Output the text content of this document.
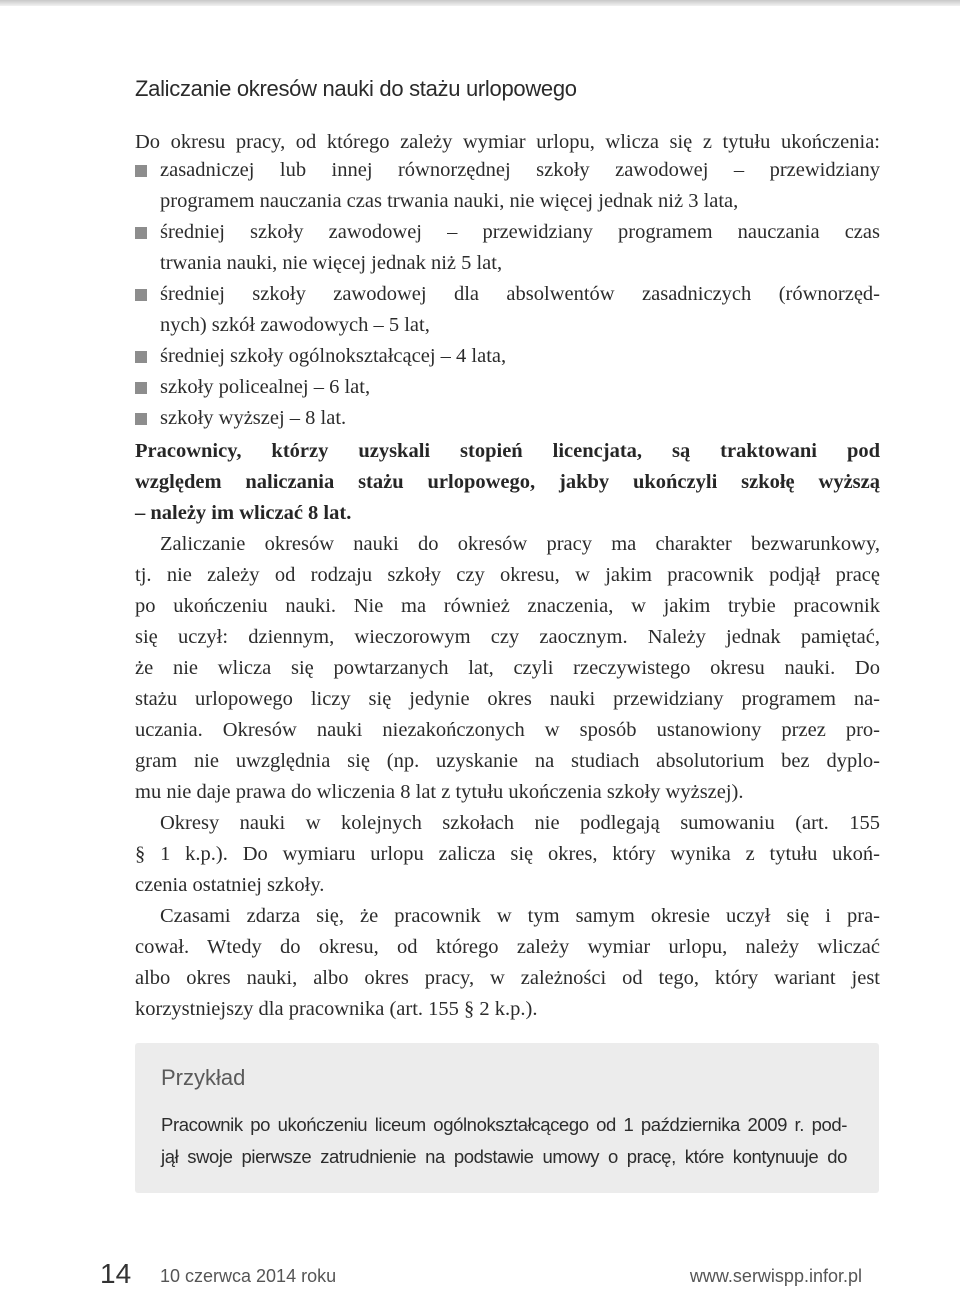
Zaliczanie okresów nauki do stażu urlopowego
Do okresu pracy, od którego zależy wymiar urlopu, wlicza się z tytułu ukończenia:
zasadniczej lub innej równorzędnej szkoły zawodowej – przewidziany
programem nauczania czas trwania nauki, nie więcej jednak niż 3 lata,
średniej szkoły zawodowej – przewidziany programem nauczania czas
trwania nauki, nie więcej jednak niż 5 lat,
średniej szkoły zawodowej dla absolwentów zasadniczych (równorzęd-
nych) szkół zawodowych – 5 lat,
średniej szkoły ogólnokształcącej – 4 lata,
szkoły policealnej – 6 lat,
szkoły wyższej – 8 lat.
Pracownicy, którzy uzyskali stopień licencjata, są traktowani pod
względem naliczania stażu urlopowego, jakby ukończyli szkołę wyższą
– należy im wliczać 8 lat.
Zaliczanie okresów nauki do okresów pracy ma charakter bezwarunkowy,
tj. nie zależy od rodzaju szkoły czy okresu, w jakim pracownik podjął pracę
po ukończeniu nauki. Nie ma również znaczenia, w jakim trybie pracownik
się uczył: dziennym, wieczorowym czy zaocznym. Należy jednak pamiętać,
że nie wlicza się powtarzanych lat, czyli rzeczywistego okresu nauki. Do
stażu urlopowego liczy się jedynie okres nauki przewidziany programem na-
uczania. Okresów nauki niezakończonych w sposób ustanowiony przez pro-
gram nie uwzględnia się (np. uzyskanie na studiach absolutorium bez dyplo-
mu nie daje prawa do wliczenia 8 lat z tytułu ukończenia szkoły wyższej).
Okresy nauki w kolejnych szkołach nie podlegają sumowaniu (art. 155
§ 1 k.p.). Do wymiaru urlopu zalicza się okres, który wynika z tytułu ukoń-
czenia ostatniej szkoły.
Czasami zdarza się, że pracownik w tym samym okresie uczył się i pra-
cował. Wtedy do okresu, od którego zależy wymiar urlopu, należy wliczać
albo okres nauki, albo okres pracy, w zależności od tego, który wariant jest
korzystniejszy dla pracownika (art. 155 § 2 k.p.).
Przykład
Pracownik po ukończeniu liceum ogólnokształcącego od 1 października 2009 r. pod-
jął swoje pierwsze zatrudnienie na podstawie umowy o pracę, które kontynuuje do
14 10 czerwca 2014 roku	www.serwispp.infor.pl
